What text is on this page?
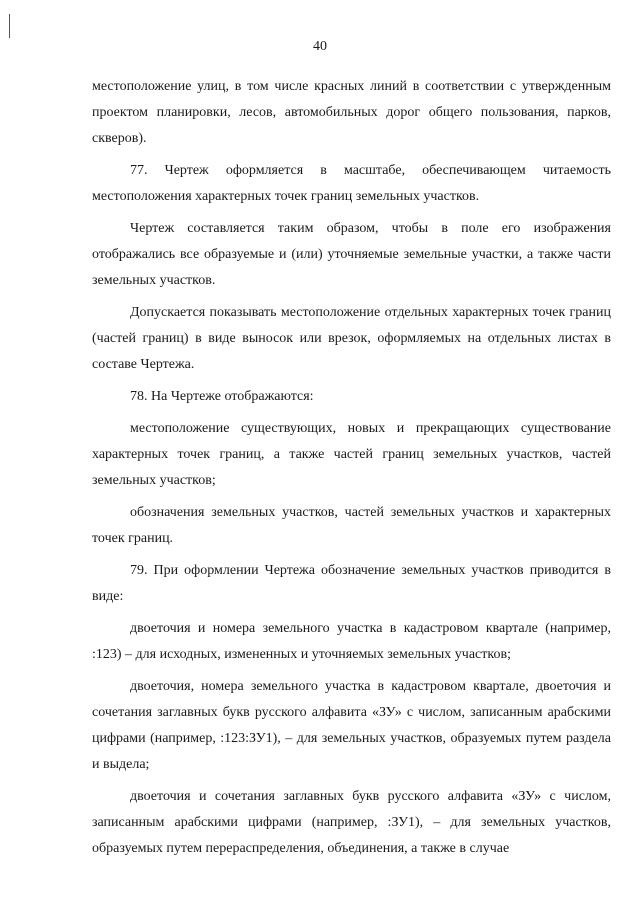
40

местоположение улиц, в том числе красных линий в соответствии с утвержденным проектом планировки, лесов, автомобильных дорог общего пользования, парков, скверов).

77. Чертеж оформляется в масштабе, обеспечивающем читаемость местоположения характерных точек границ земельных участков.

Чертеж составляется таким образом, чтобы в поле его изображения отображались все образуемые и (или) уточняемые земельные участки, а также части земельных участков.

Допускается показывать местоположение отдельных характерных точек границ (частей границ) в виде выносок или врезок, оформляемых на отдельных листах в составе Чертежа.

78. На Чертеже отображаются:

местоположение существующих, новых и прекращающих существование характерных точек границ, а также частей границ земельных участков, частей земельных участков;

обозначения земельных участков, частей земельных участков и характерных точек границ.

79. При оформлении Чертежа обозначение земельных участков приводится в виде:

двоеточия и номера земельного участка в кадастровом квартале (например, :123) – для исходных, измененных и уточняемых земельных участков;

двоеточия, номера земельного участка в кадастровом квартале, двоеточия и сочетания заглавных букв русского алфавита «ЗУ» с числом, записанным арабскими цифрами (например, :123:ЗУ1), – для земельных участков, образуемых путем раздела и выдела;

двоеточия и сочетания заглавных букв русского алфавита «ЗУ» с числом, записанным арабскими цифрами (например, :ЗУ1), – для земельных участков, образуемых путем перераспределения, объединения, а также в случае
